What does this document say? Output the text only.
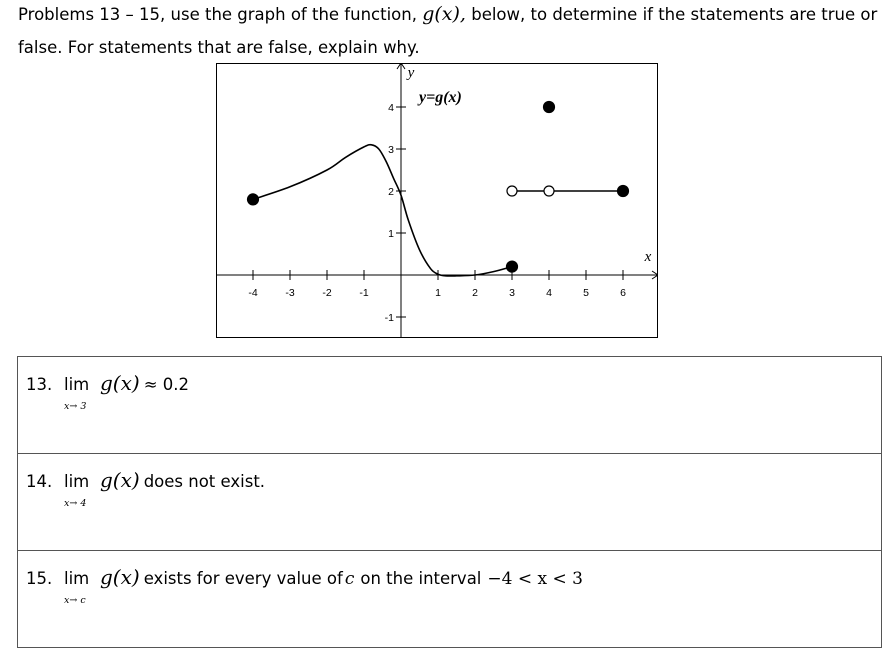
Problems 13 – 15, use the graph of the function, g(x), below, to determine if the statements are true or false. For statements that are false, explain why.
-4	-3	-2	-1	1	2	3	4	5	6
4
3
2
1
-1
x
y
y=g(x)
13. lim
x→ 3
g(x) ≈ 0.2
14. lim
x→ 4
g(x) does not exist.
15. lim
x→ c
g(x) exists for every value of c on the interval −4 < x < 3
